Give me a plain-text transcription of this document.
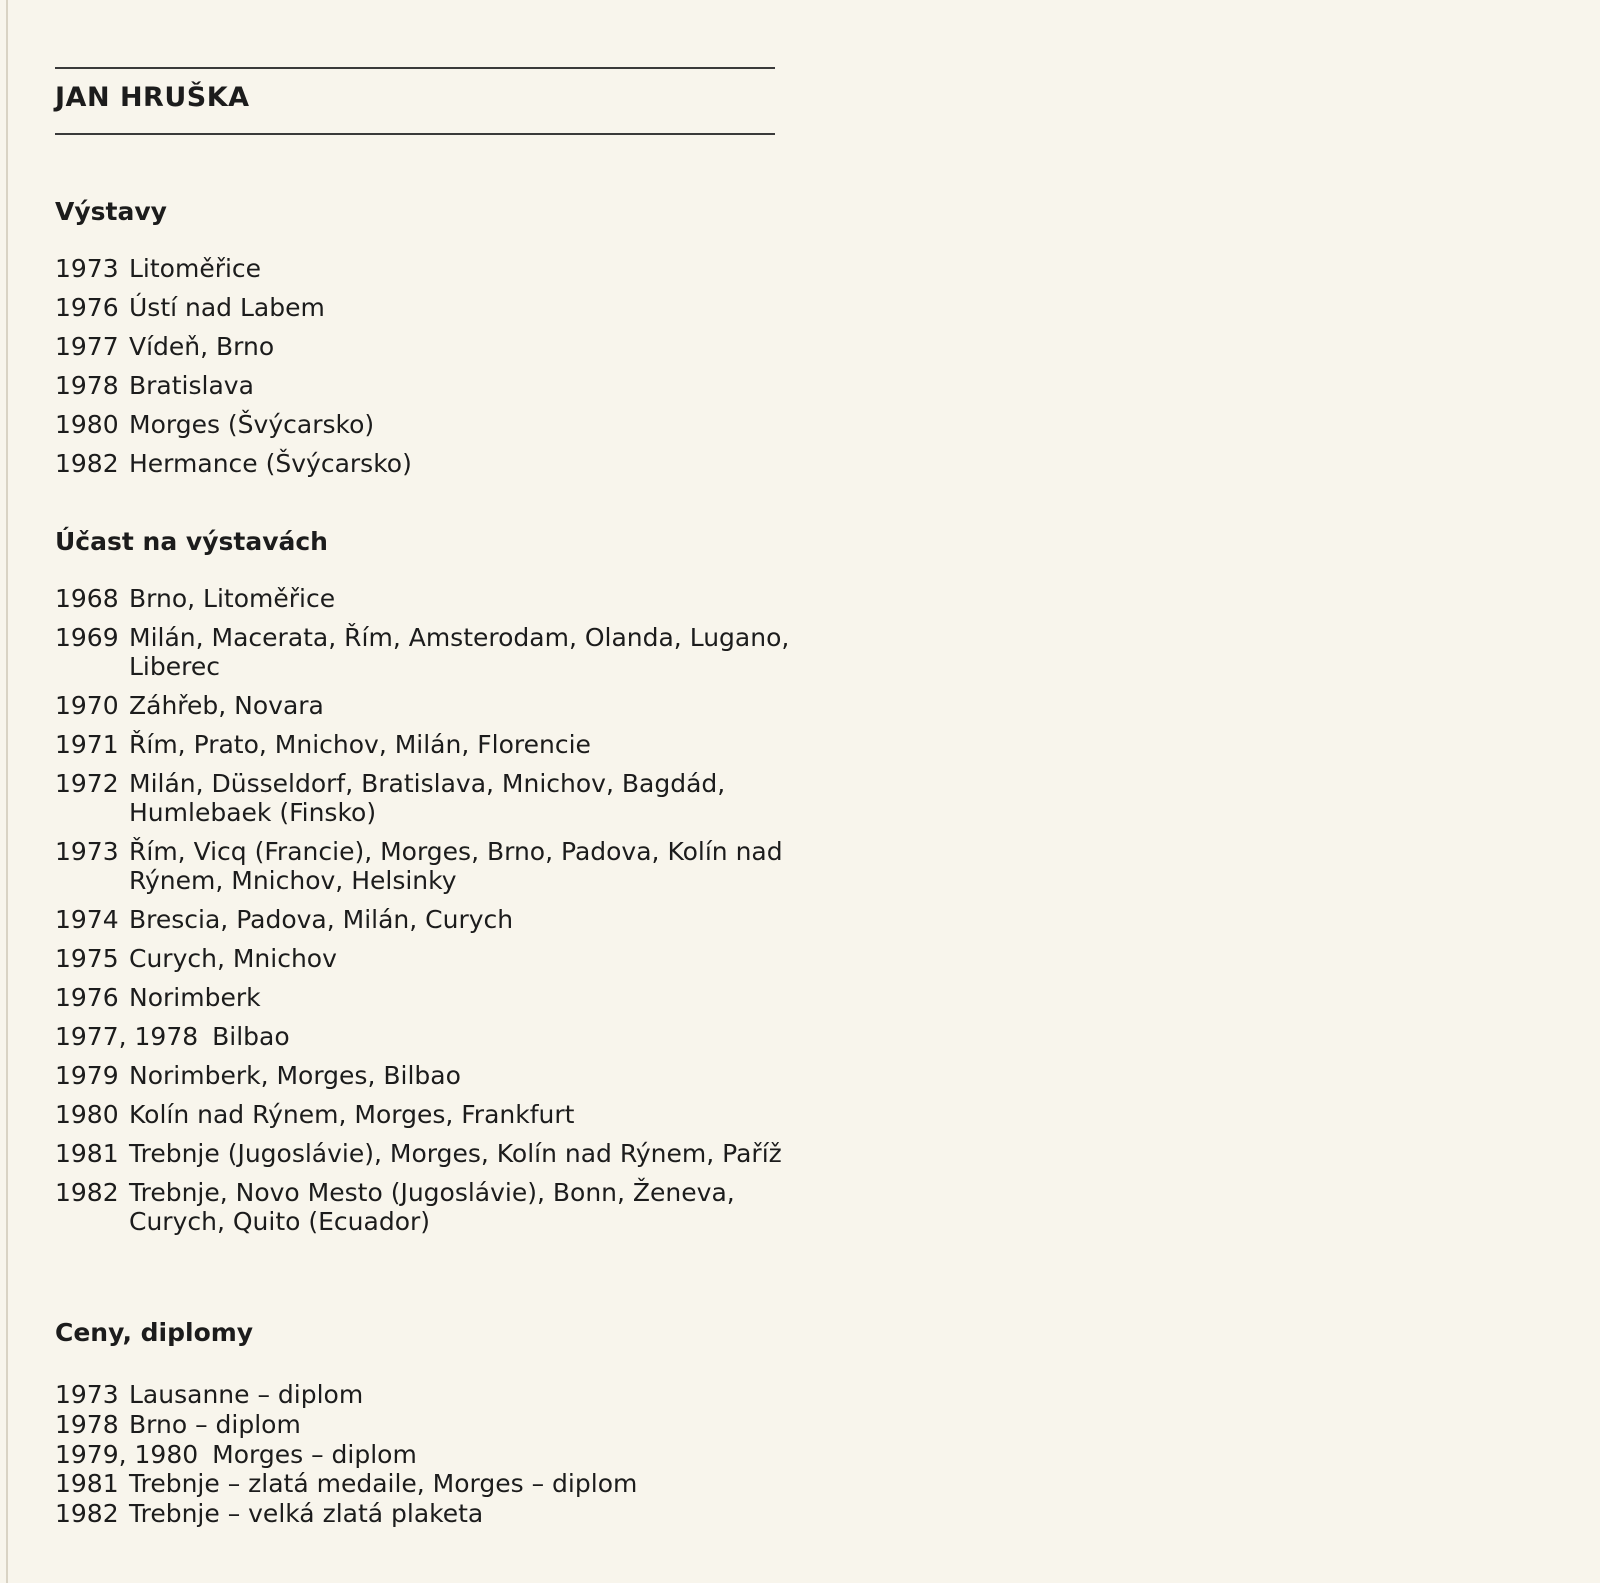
JAN HRUŠKA
Výstavy
1973 Litoměřice
1976 Ústí nad Labem
1977 Vídeň, Brno
1978 Bratislava
1980 Morges (Švýcarsko)
1982 Hermance (Švýcarsko)
Účast na výstavách
1968 Brno, Litoměřice
1969 Milán, Macerata, Řím, Amsterodam, Olanda, Lugano, Liberec
1970 Záhřeb, Novara
1971 Řím, Prato, Mnichov, Milán, Florencie
1972 Milán, Düsseldorf, Bratislava, Mnichov, Bagdád, Humlebaek (Finsko)
1973 Řím, Vicq (Francie), Morges, Brno, Padova, Kolín nad Rýnem, Mnichov, Helsinky
1974 Brescia, Padova, Milán, Curych
1975 Curych, Mnichov
1976 Norimberk
1977, 1978 Bilbao
1979 Norimberk, Morges, Bilbao
1980 Kolín nad Rýnem, Morges, Frankfurt
1981 Trebnje (Jugoslávie), Morges, Kolín nad Rýnem, Paříž
1982 Trebnje, Novo Mesto (Jugoslávie), Bonn, Ženeva, Curych, Quito (Ecuador)
Ceny, diplomy
1973 Lausanne – diplom
1978 Brno – diplom
1979, 1980 Morges – diplom
1981 Trebnje – zlatá medaile, Morges – diplom
1982 Trebnje – velká zlatá plaketa
